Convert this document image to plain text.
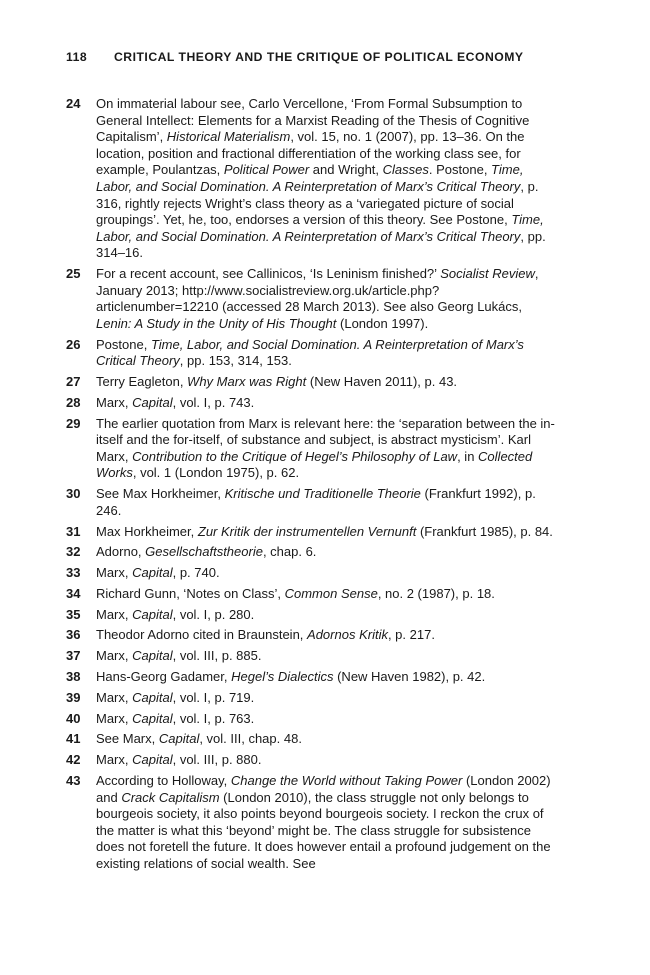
118 CRITICAL THEORY AND THE CRITIQUE OF POLITICAL ECONOMY
24 On immaterial labour see, Carlo Vercellone, ‘From Formal Subsumption to General Intellect: Elements for a Marxist Reading of the Thesis of Cognitive Capitalism’, Historical Materialism, vol. 15, no. 1 (2007), pp. 13–36. On the location, position and fractional differentiation of the working class see, for example, Poulantzas, Political Power and Wright, Classes. Postone, Time, Labor, and Social Domination. A Reinterpretation of Marx’s Critical Theory, p. 316, rightly rejects Wright’s class theory as a ‘variegated picture of social groupings’. Yet, he, too, endorses a version of this theory. See Postone, Time, Labor, and Social Domination. A Reinterpretation of Marx’s Critical Theory, pp. 314–16.
25 For a recent account, see Callinicos, ‘Is Leninism finished?’ Socialist Review, January 2013; http://www.socialistreview.org.uk/article.php?articlenumber=12210 (accessed 28 March 2013). See also Georg Lukács, Lenin: A Study in the Unity of His Thought (London 1997).
26 Postone, Time, Labor, and Social Domination. A Reinterpretation of Marx’s Critical Theory, pp. 153, 314, 153.
27 Terry Eagleton, Why Marx was Right (New Haven 2011), p. 43.
28 Marx, Capital, vol. I, p. 743.
29 The earlier quotation from Marx is relevant here: the ‘separation between the in-itself and the for-itself, of substance and subject, is abstract mysticism’. Karl Marx, Contribution to the Critique of Hegel’s Philosophy of Law, in Collected Works, vol. 1 (London 1975), p. 62.
30 See Max Horkheimer, Kritische und Traditionelle Theorie (Frankfurt 1992), p. 246.
31 Max Horkheimer, Zur Kritik der instrumentellen Vernunft (Frankfurt 1985), p. 84.
32 Adorno, Gesellschaftstheorie, chap. 6.
33 Marx, Capital, p. 740.
34 Richard Gunn, ‘Notes on Class’, Common Sense, no. 2 (1987), p. 18.
35 Marx, Capital, vol. I, p. 280.
36 Theodor Adorno cited in Braunstein, Adornos Kritik, p. 217.
37 Marx, Capital, vol. III, p. 885.
38 Hans-Georg Gadamer, Hegel’s Dialectics (New Haven 1982), p. 42.
39 Marx, Capital, vol. I, p. 719.
40 Marx, Capital, vol. I, p. 763.
41 See Marx, Capital, vol. III, chap. 48.
42 Marx, Capital, vol. III, p. 880.
43 According to Holloway, Change the World without Taking Power (London 2002) and Crack Capitalism (London 2010), the class struggle not only belongs to bourgeois society, it also points beyond bourgeois society. I reckon the crux of the matter is what this ‘beyond’ might be. The class struggle for subsistence does not foretell the future. It does however entail a profound judgement on the existing relations of social wealth. See
